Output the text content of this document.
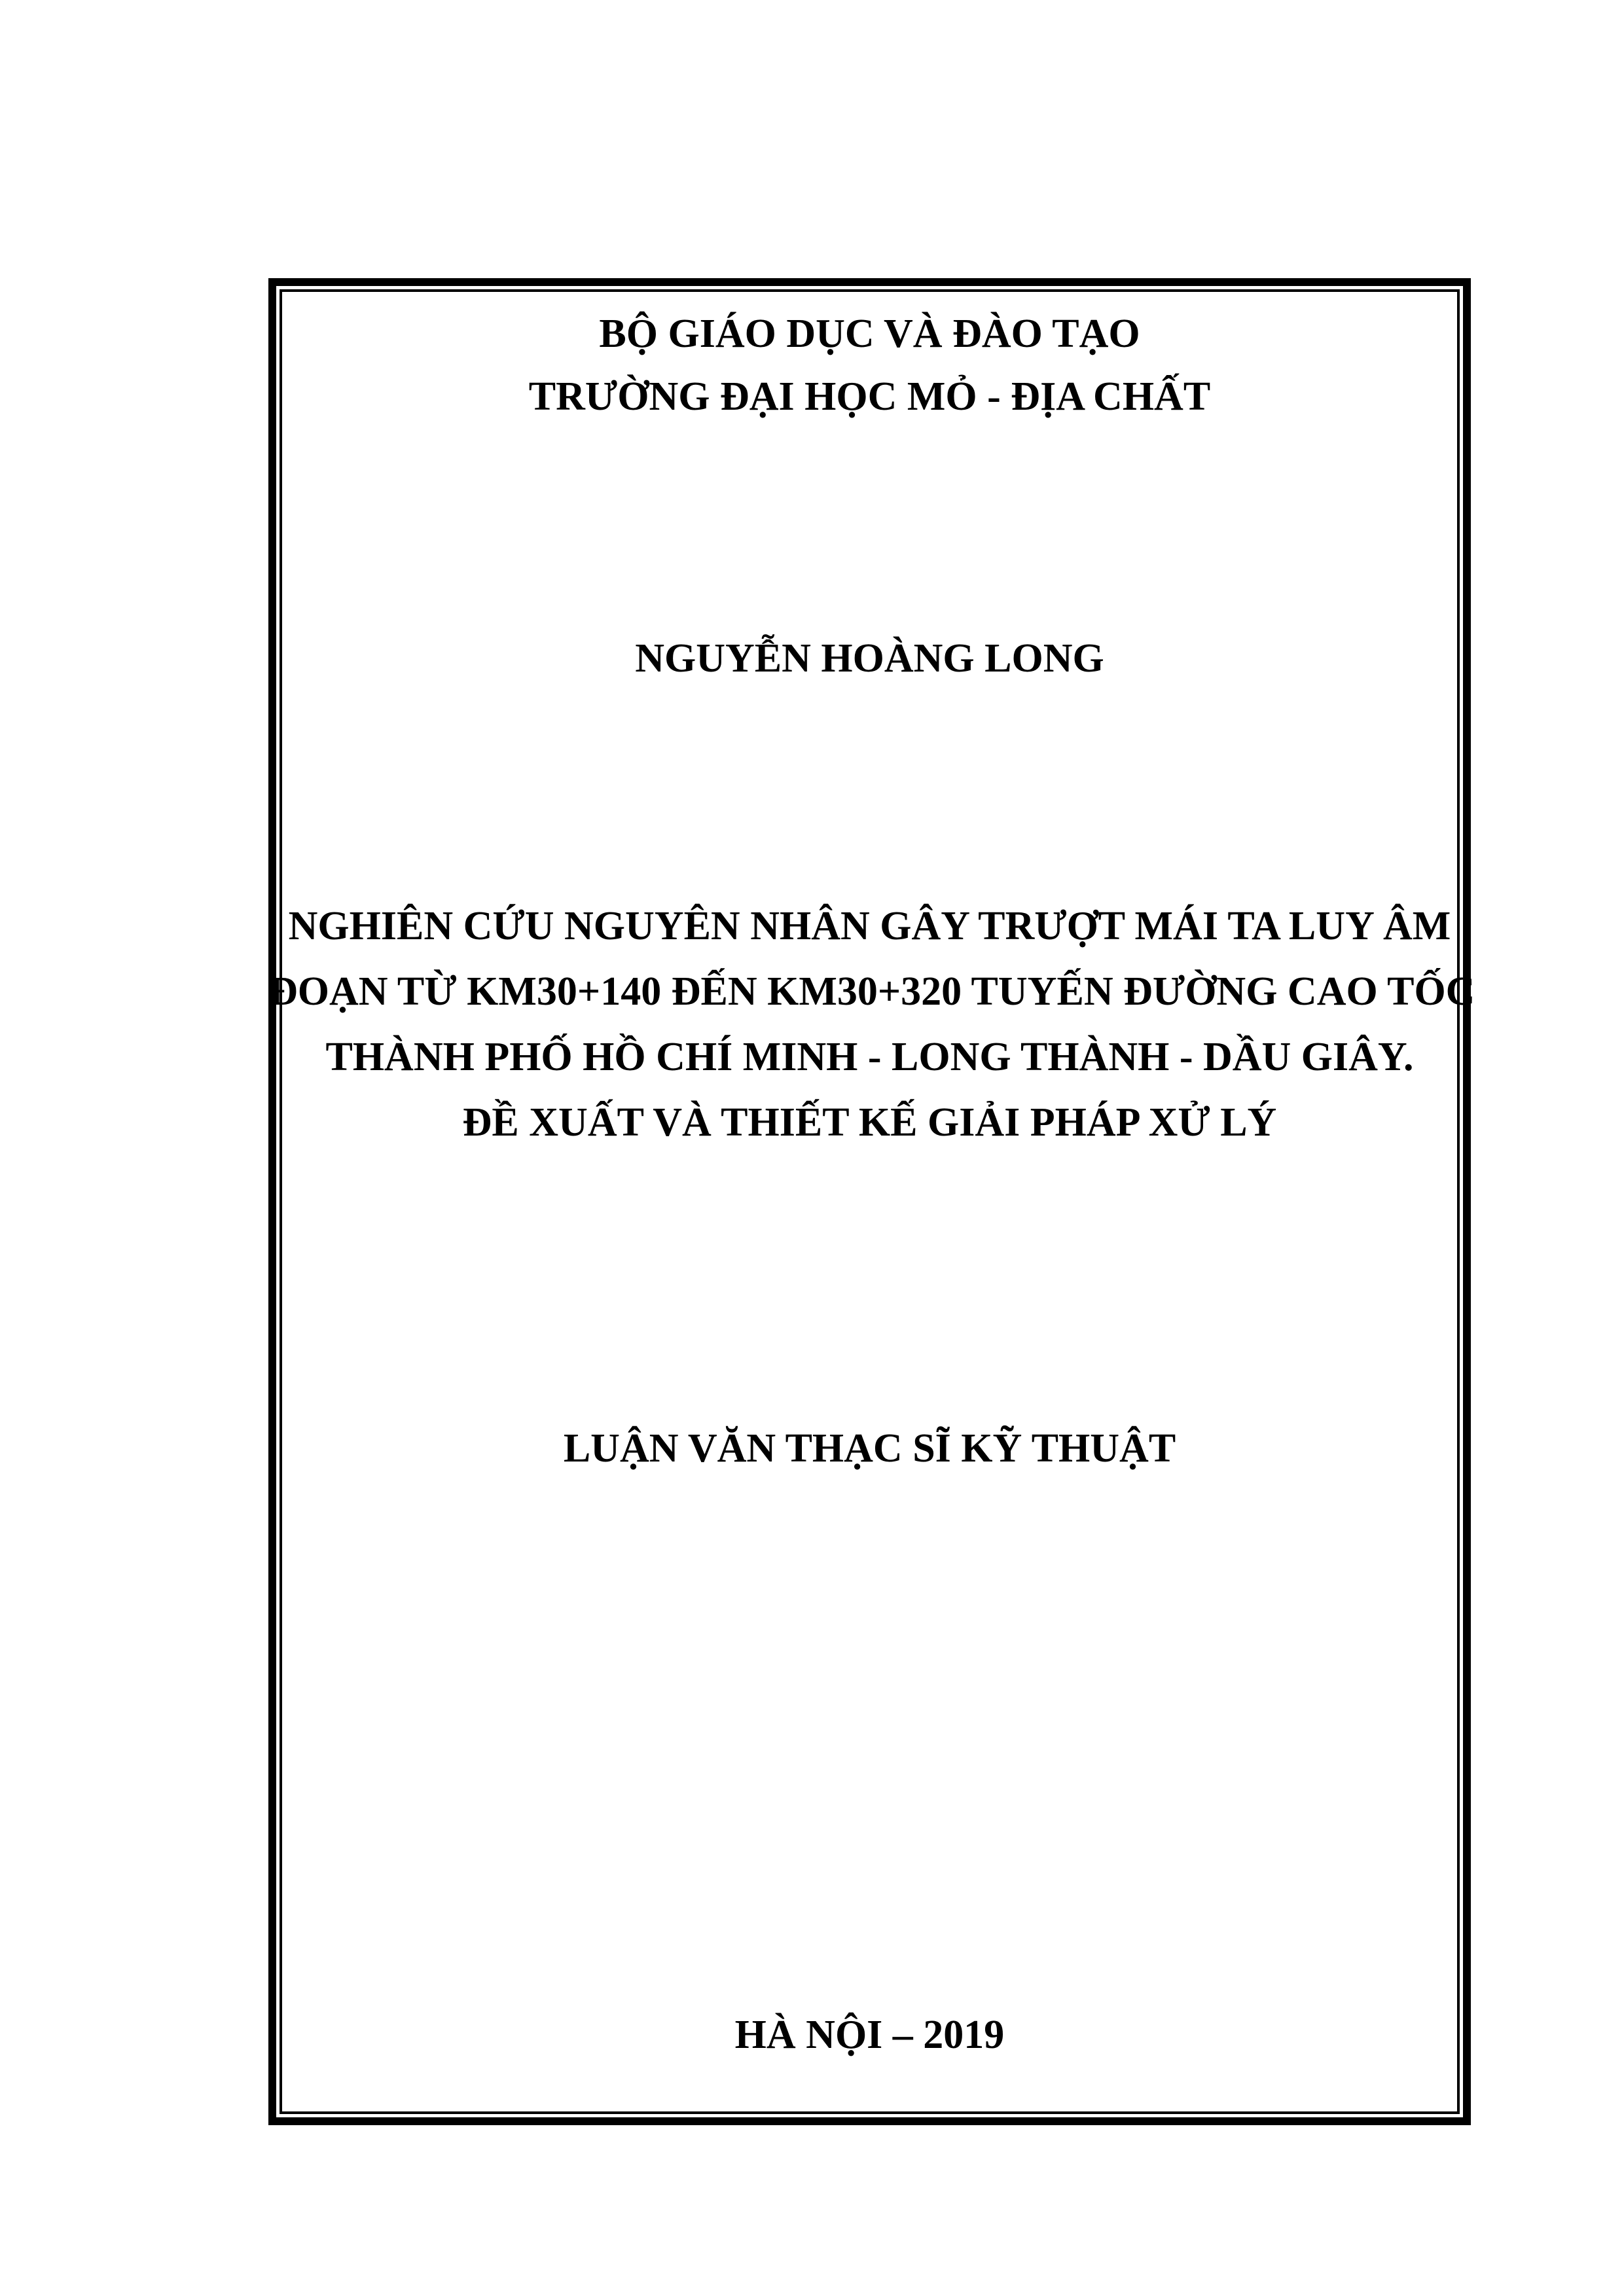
BỘ GIÁO DỤC VÀ ĐÀO TẠO
TRƯỜNG ĐẠI HỌC MỎ - ĐỊA CHẤT
NGUYỄN HOÀNG LONG
NGHIÊN CỨU NGUYÊN NHÂN GÂY TRƯỢT MÁI TA LUY ÂM
ĐOẠN TỪ KM30+140 ĐẾN KM30+320 TUYẾN ĐƯỜNG CAO TỐC
THÀNH PHỐ HỒ CHÍ MINH - LONG THÀNH - DẦU GIÂY.
ĐỀ XUẤT VÀ THIẾT KẾ GIẢI PHÁP XỬ LÝ
LUẬN VĂN THẠC SĨ KỸ THUẬT
HÀ NỘI – 2019
